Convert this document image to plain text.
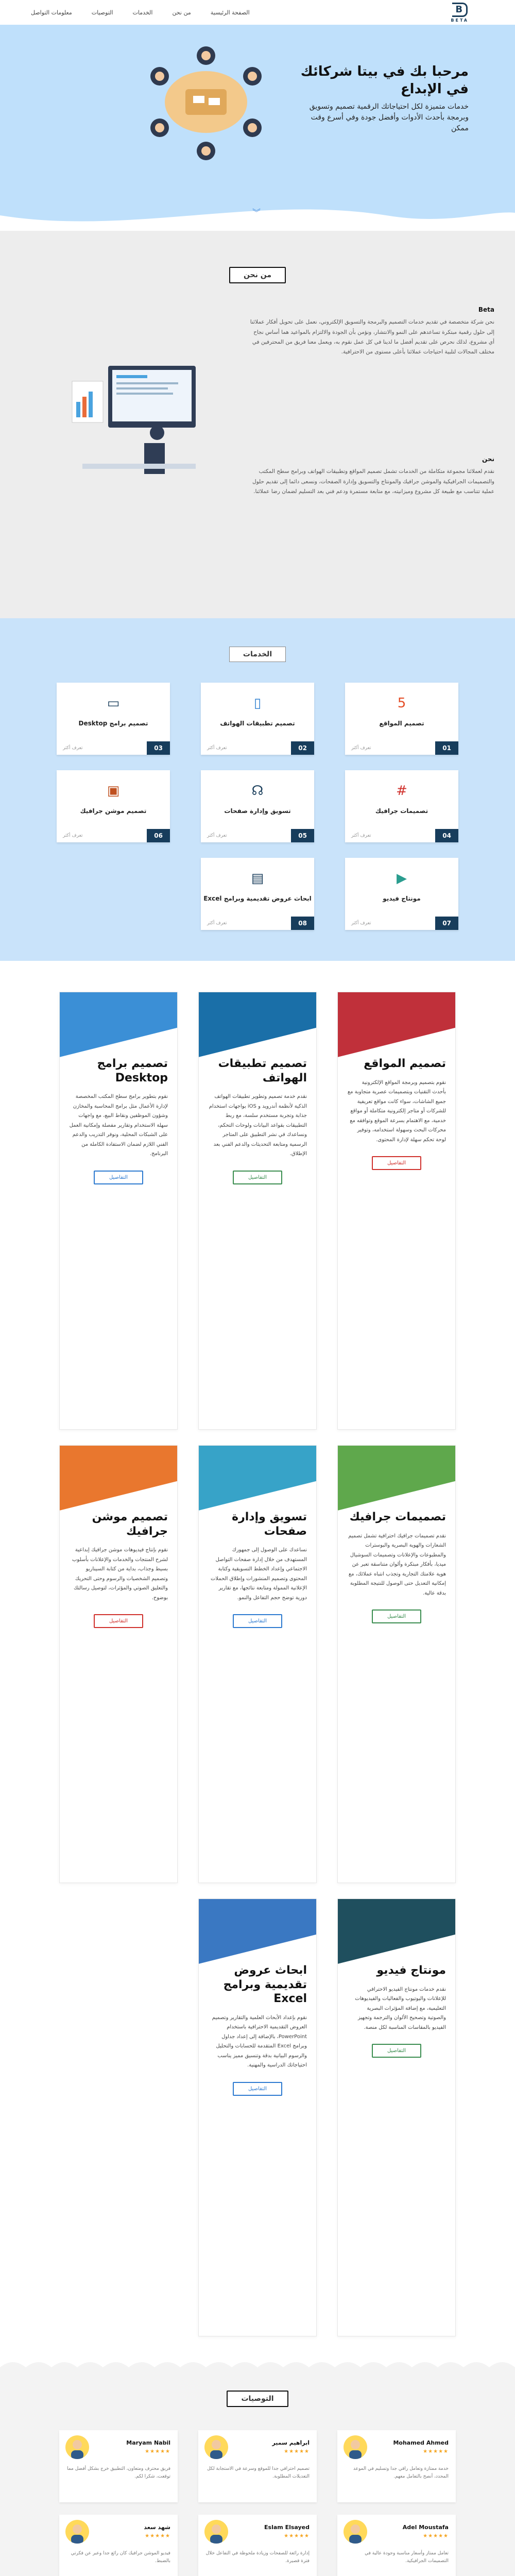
B
BETA
الصفحة الرئيسية
من نحن
الخدمات
التوصيات
معلومات التواصل
مرحبا بك في بيتا شركائك في الإبداع

خدمات متميزة لكل احتياجاتك الرقمية تصميم وتسويق وبرمجة بأحدث الأدوات وأفضل جودة وفي أسرع وقت ممكن

︾
من نحن
Beta
نحن شركة متخصصة في تقديم خدمات التصميم والبرمجة والتسويق الإلكتروني، نعمل على تحويل أفكار عملائنا إلى حلول رقمية مبتكرة تساعدهم على النمو والانتشار، ونؤمن بأن الجودة والالتزام بالمواعيد هما أساس نجاح أي مشروع، لذلك نحرص على تقديم أفضل ما لدينا في كل عمل نقوم به، ويعمل معنا فريق من المحترفين في مختلف المجالات لتلبية احتياجات عملائنا بأعلى مستوى من الاحترافية.
نحن
نقدم لعملائنا مجموعة متكاملة من الخدمات تشمل تصميم المواقع وتطبيقات الهواتف وبرامج سطح المكتب والتصميمات الجرافيكية والموشن جرافيك والمونتاج والتسويق وإدارة الصفحات، ونسعى دائما إلى تقديم حلول عملية تتناسب مع طبيعة كل مشروع وميزانيته، مع متابعة مستمرة ودعم فني بعد التسليم لضمان رضا عملائنا.
الخدمات
5
تصميم المواقع
01
تعرف أكثر
▯
تصميم تطبيقات الهواتف
02
تعرف أكثر
▭
تصميم برامج Desktop
03
تعرف أكثر
#
تصميمات جرافيك
04
تعرف أكثر
☊
تسويق وإدارة صفحات
05
تعرف أكثر
▣
تصميم موشن جرافيك
06
تعرف أكثر
▶
مونتاج فيديو
07
تعرف أكثر
▤
ابحاث عروض تقديمية وبرامج Excel
08
تعرف أكثر
تصميم المواقع

نقوم بتصميم وبرمجة المواقع الإلكترونية بأحدث التقنيات وبتصميمات عصرية متجاوبة مع جميع الشاشات، سواء كانت مواقع تعريفية للشركات أو متاجر إلكترونية متكاملة أو مواقع خدمية، مع الاهتمام بسرعة الموقع وتوافقه مع محركات البحث وسهولة استخدامه، وتوفير لوحة تحكم سهلة لإدارة المحتوى.

التفاصيل
تصميم تطبيقات الهواتف

نقدم خدمة تصميم وتطوير تطبيقات الهواتف الذكية لأنظمة أندرويد و iOS بواجهات استخدام جذابة وتجربة مستخدم سلسة، مع ربط التطبيقات بقواعد البيانات ولوحات التحكم، ونساعدك في نشر التطبيق على المتاجر الرسمية ومتابعة التحديثات والدعم الفني بعد الإطلاق.

التفاصيل
تصميم برامج Desktop

نقوم بتطوير برامج سطح المكتب المخصصة لإدارة الأعمال مثل برامج المحاسبة والمخازن وشؤون الموظفين ونقاط البيع، مع واجهات سهلة الاستخدام وتقارير مفصلة وإمكانية العمل على الشبكات المحلية، ونوفر التدريب والدعم الفني اللازم لضمان الاستفادة الكاملة من البرنامج.

التفاصيل
تصميمات جرافيك

نقدم تصميمات جرافيك احترافية تشمل تصميم الشعارات والهوية البصرية والبوسترات والمطبوعات والإعلانات وتصميمات السوشيال ميديا، بأفكار مبتكرة وألوان متناسقة تعبر عن هوية علامتك التجارية وتجذب انتباه عملائك، مع إمكانية التعديل حتى الوصول للنتيجة المطلوبة بدقة عالية.

التفاصيل
تسويق وإدارة صفحات

نساعدك على الوصول إلى جمهورك المستهدف من خلال إدارة صفحات التواصل الاجتماعي وإعداد الخطط التسويقية وكتابة المحتوى وتصميم المنشورات وإطلاق الحملات الإعلانية الممولة ومتابعة نتائجها، مع تقارير دورية توضح حجم التفاعل والنمو.

التفاصيل
تصميم موشن جرافيك

نقوم بإنتاج فيديوهات موشن جرافيك إبداعية لشرح المنتجات والخدمات والإعلانات بأسلوب بسيط وجذاب، بداية من كتابة السيناريو وتصميم الشخصيات والرسوم وحتى التحريك والتعليق الصوتي والمؤثرات، لتوصيل رسالتك بوضوح.

التفاصيل
مونتاج فيديو

نقدم خدمات مونتاج الفيديو الاحترافي للإعلانات واليوتيوب والفعاليات والفيديوهات التعليمية، مع إضافة المؤثرات البصرية والصوتية وتصحيح الألوان والترجمة وتجهيز الفيديو بالمقاسات المناسبة لكل منصة.

التفاصيل
ابحاث عروض تقديمية وبرامج Excel

نقوم بإعداد الأبحاث العلمية والتقارير وتصميم العروض التقديمية الاحترافية باستخدام PowerPoint، بالإضافة إلى إعداد جداول وبرامج Excel المتقدمة للحسابات والتحليل والرسوم البيانية بدقة وتنسيق مميز يناسب احتياجاتك الدراسية والمهنية.

التفاصيل
التوصيات
Mohamed Ahmed
★★★★★
خدمة ممتازة وتعامل راقي جدا وتسليم في الموعد المحدد، أنصح بالتعامل معهم.
ابراهيم سمير
★★★★★
تصميم احترافي جدا للموقع وسرعة في الاستجابة لكل التعديلات المطلوبة.
Maryam Nabil
★★★★★
فريق محترف ومتعاون، التطبيق خرج بشكل أفضل مما توقعت، شكرا لكم.
Adel Moustafa
★★★★★
تعامل ممتاز وأسعار مناسبة وجودة عالية في التصميمات الجرافيكية.
Eslam Elsayed
★★★★★
إدارة رائعة للصفحات وزيادة ملحوظة في التفاعل خلال فترة قصيرة.
شهد سعد
★★★★★
فيديو الموشن جرافيك كان رائع جدا وعبر عن فكرتي بالضبط.
